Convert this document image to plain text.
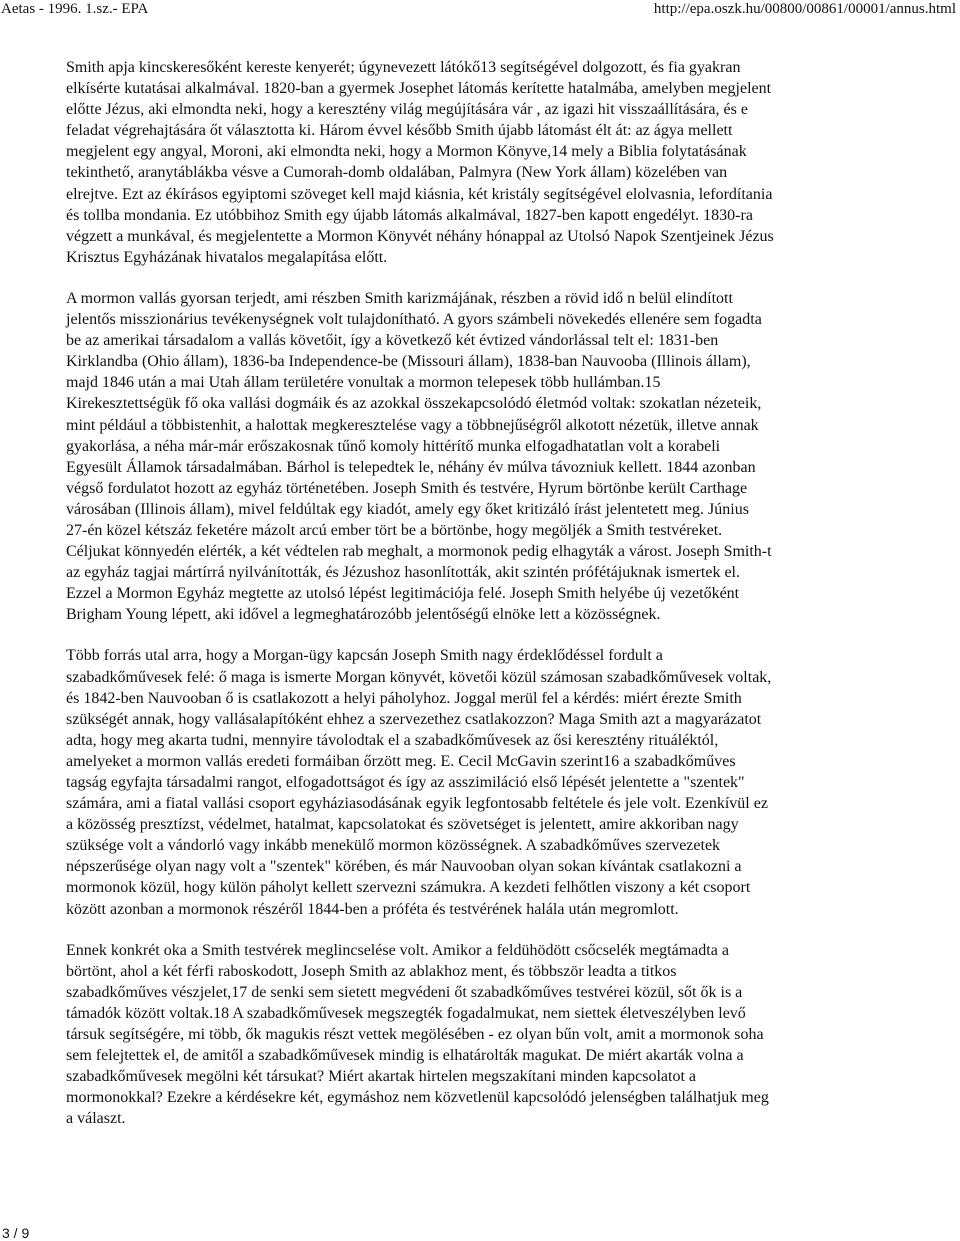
Aetas - 1996. 1.sz.- EPA	http://epa.oszk.hu/00800/00861/00001/annus.html
Smith apja kincskeresőként kereste kenyerét; úgynevezett látókő13 segítségével dolgozott, és fia gyakran
elkísérte kutatásai alkalmával. 1820-ban a gyermek Josephet látomás kerítette hatalmába, amelyben megjelent
előtte Jézus, aki elmondta neki, hogy a keresztény világ megújítására vár , az igazi hit visszaállítására, és e
feladat végrehajtására őt választotta ki. Három évvel később Smith újabb látomást élt át: az ágya mellett
megjelent egy angyal, Moroni, aki elmondta neki, hogy a Mormon Könyve,14 mely a Biblia folytatásának
tekinthető, aranytáblákba vésve a Cumorah-domb oldalában, Palmyra (New York állam) közelében van
elrejtve. Ezt az ékírásos egyiptomi szöveget kell majd kiásnia, két kristály segítségével elolvasnia, lefordítania
és tollba mondania. Ez utóbbihoz Smith egy újabb látomás alkalmával, 1827-ben kapott engedélyt. 1830-ra
végzett a munkával, és megjelentette a Mormon Könyvét néhány hónappal az Utolsó Napok Szentjeinek Jézus
Krisztus Egyházának hivatalos megalapítása előtt.
A mormon vallás gyorsan terjedt, ami részben Smith karizmájának, részben a rövid idő n belül elindított
jelentős misszionárius tevékenységnek volt tulajdonítható. A gyors számbeli növekedés ellenére sem fogadta
be az amerikai társadalom a vallás követőit, így a következő két évtized vándorlással telt el: 1831-ben
Kirklandba (Ohio állam), 1836-ba Independence-be (Missouri állam), 1838-ban Nauvooba (Illinois állam),
majd 1846 után a mai Utah állam területére vonultak a mormon telepesek több hullámban.15
Kirekesztettségük fő oka vallási dogmáik és az azokkal összekapcsolódó életmód voltak: szokatlan nézeteik,
mint például a többistenhit, a halottak megkeresztelése vagy a többnejűségről alkotott nézetük, illetve annak
gyakorlása, a néha már-már erőszakosnak tűnő komoly hittérítő munka elfogadhatatlan volt a korabeli
Egyesült Államok társadalmában. Bárhol is telepedtek le, néhány év múlva távozniuk kellett. 1844 azonban
végső fordulatot hozott az egyház történetében. Joseph Smith és testvére, Hyrum börtönbe került Carthage
városában (Illinois állam), mivel feldúltak egy kiadót, amely egy őket kritizáló írást jelentetett meg. Június
27-én közel kétszáz feketére mázolt arcú ember tört be a börtönbe, hogy megöljék a Smith testvéreket.
Céljukat könnyedén elérték, a két védtelen rab meghalt, a mormonok pedig elhagyták a várost. Joseph Smith-t
az egyház tagjai mártírrá nyilvánították, és Jézushoz hasonlították, akit szintén prófétájuknak ismertek el.
Ezzel a Mormon Egyház megtette az utolsó lépést legitimációja felé. Joseph Smith helyébe új vezetőként
Brigham Young lépett, aki idővel a legmeghatározóbb jelentőségű elnöke lett a közösségnek.
Több forrás utal arra, hogy a Morgan-ügy kapcsán Joseph Smith nagy érdeklődéssel fordult a
szabadkőművesek felé: ő maga is ismerte Morgan könyvét, követői közül számosan szabadkőművesek voltak,
és 1842-ben Nauvooban ő is csatlakozott a helyi páholyhoz. Joggal merül fel a kérdés: miért érezte Smith
szükségét annak, hogy vallásalapítóként ehhez a szervezethez csatlakozzon? Maga Smith azt a magyarázatot
adta, hogy meg akarta tudni, mennyire távolodtak el a szabadkőművesek az ősi keresztény rituáléktól,
amelyeket a mormon vallás eredeti formáiban őrzött meg. E. Cecil McGavin szerint16 a szabadkőműves
tagság egyfajta társadalmi rangot, elfogadottságot és így az asszimiláció első lépését jelentette a "szentek"
számára, ami a fiatal vallási csoport egyháziasodásának egyik legfontosabb feltétele és jele volt. Ezenkívül ez
a közösség presztízst, védelmet, hatalmat, kapcsolatokat és szövetséget is jelentett, amire akkoriban nagy
szüksége volt a vándorló vagy inkább menekülő mormon közösségnek. A szabadkőműves szervezetek
népszerűsége olyan nagy volt a "szentek" körében, és már Nauvooban olyan sokan kívántak csatlakozni a
mormonok közül, hogy külön páholyt kellett szervezni számukra. A kezdeti felhőtlen viszony a két csoport
között azonban a mormonok részéről 1844-ben a próféta és testvérének halála után megromlott.
Ennek konkrét oka a Smith testvérek meglincselése volt. Amikor a feldühödött csőcselék megtámadta a
börtönt, ahol a két férfi raboskodott, Joseph Smith az ablakhoz ment, és többször leadta a titkos
szabadkőműves vészjelet,17 de senki sem sietett megvédeni őt szabadkőműves testvérei közül, sőt ők is a
támadók között voltak.18 A szabadkőművesek megszegték fogadalmukat, nem siettek életveszélyben levő
társuk segítségére, mi több, ők magukis részt vettek megölésében - ez olyan bűn volt, amit a mormonok soha
sem felejtettek el, de amitől a szabadkőművesek mindig is elhatárolták magukat. De miért akarták volna a
szabadkőművesek megölni két társukat? Miért akartak hirtelen megszakítani minden kapcsolatot a
mormonokkal? Ezekre a kérdésekre két, egymáshoz nem közvetlenül kapcsolódó jelenségben találhatjuk meg
a választ.
3 / 9
